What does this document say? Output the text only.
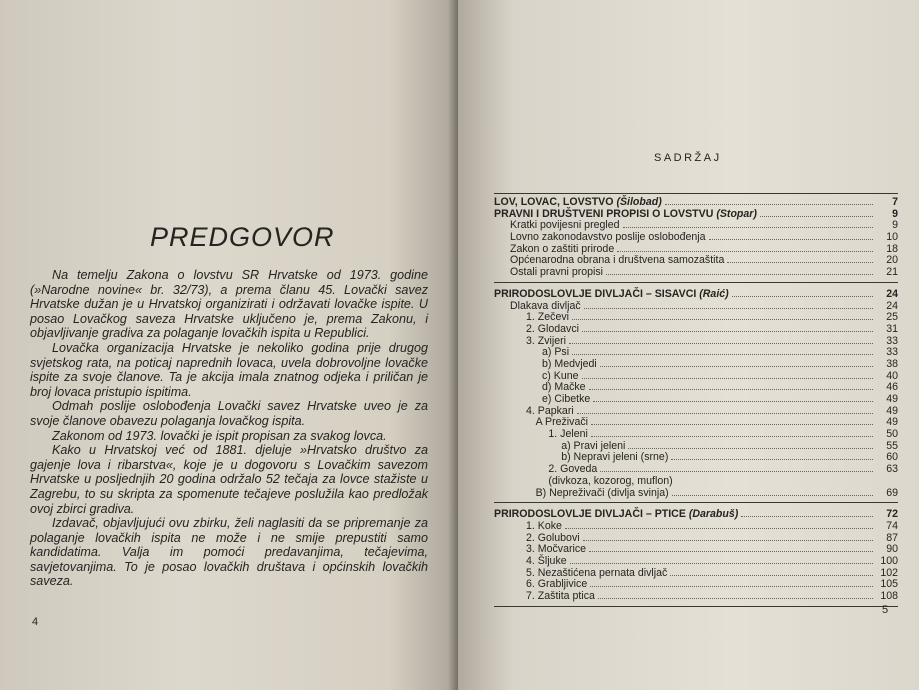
PREDGOVOR

Na temelju Zakona o lovstvu SR Hrvatske od 1973. godine (»Narodne novine« br. 32/73), a prema članu 45. Lovački savez Hrvatske dužan je u Hrvatskoj organizirati i održavati lovačke ispite. U posao Lovačkog saveza Hrvatske uključeno je, prema Zakonu, i objavljivanje gradiva za polaganje lovačkih ispita u Republici.

Lovačka organizacija Hrvatske je nekoliko godina prije drugog svjetskog rata, na poticaj naprednih lovaca, uvela dobrovoljne lovačke ispite za svoje članove. Ta je akcija imala znatnog odjeka i priličan je broj lovaca pristupio ispitima.

Odmah poslije oslobođenja Lovački savez Hrvatske uveo je za svoje članove obavezu polaganja lovačkog ispita.

Zakonom od 1973. lovački je ispit propisan za svakog lovca.

Kako u Hrvatskoj već od 1881. djeluje »Hrvatsko društvo za gajenje lova i ribarstva«, koje je u dogovoru s Lovačkim savezom Hrvatske u posljednjih 20 godina održalo 52 tečaja za lovce stažiste u Zagrebu, to su skripta za spomenute tečajeve poslužila kao predložak ovoj zbirci gradiva.

Izdavač, objavljujući ovu zbirku, želi naglasiti da se pripremanje za polaganje lovačkih ispita ne može i ne smije prepustiti samo kandidatima. Valja im pomoći predavanjima, tečajevima, savjetovanjima. To je posao lovačkih društava i općinskih lovačkih saveza.

4
SADRŽAJ
LOV, LOVAC, LOVSTVO (Šilobad)	7
PRAVNI I DRUŠTVENI PROPISI O LOVSTVU (Stopar)	9
Kratki povijesni pregled	9
Lovno zakonodavstvo poslije oslobođenja	10
Zakon o zaštiti prirode	18
Općenarodna obrana i društvena samozaštita	20
Ostali pravni propisi	21
PRIRODOSLOVLJE DIVLJAČI – SISAVCI (Raić)	24
Dlakava divljač	24
1. Zečevi	25
2. Glodavci	31
3. Zvijeri	33
a) Psi	33
b) Medvjedi	38
c) Kune	40
d) Mačke	46
e) Cibetke	49
4. Papkari	49
A Preživači	49
1. Jeleni	50
a) Pravi jeleni	55
b) Nepravi jeleni (srne)	60
2. Goveda	63
(divkoza, kozorog, muflon)
B) Nepreživači (divlja svinja)	69
PRIRODOSLOVLJE DIVLJAČI – PTICE (Darabuš)	72
1. Koke	74
2. Golubovi	87
3. Močvarice	90
4. Šljuke	100
5. Nezaštićena pernata divljač	102
6. Grabljivice	105
7. Zaštita ptica	108
5
